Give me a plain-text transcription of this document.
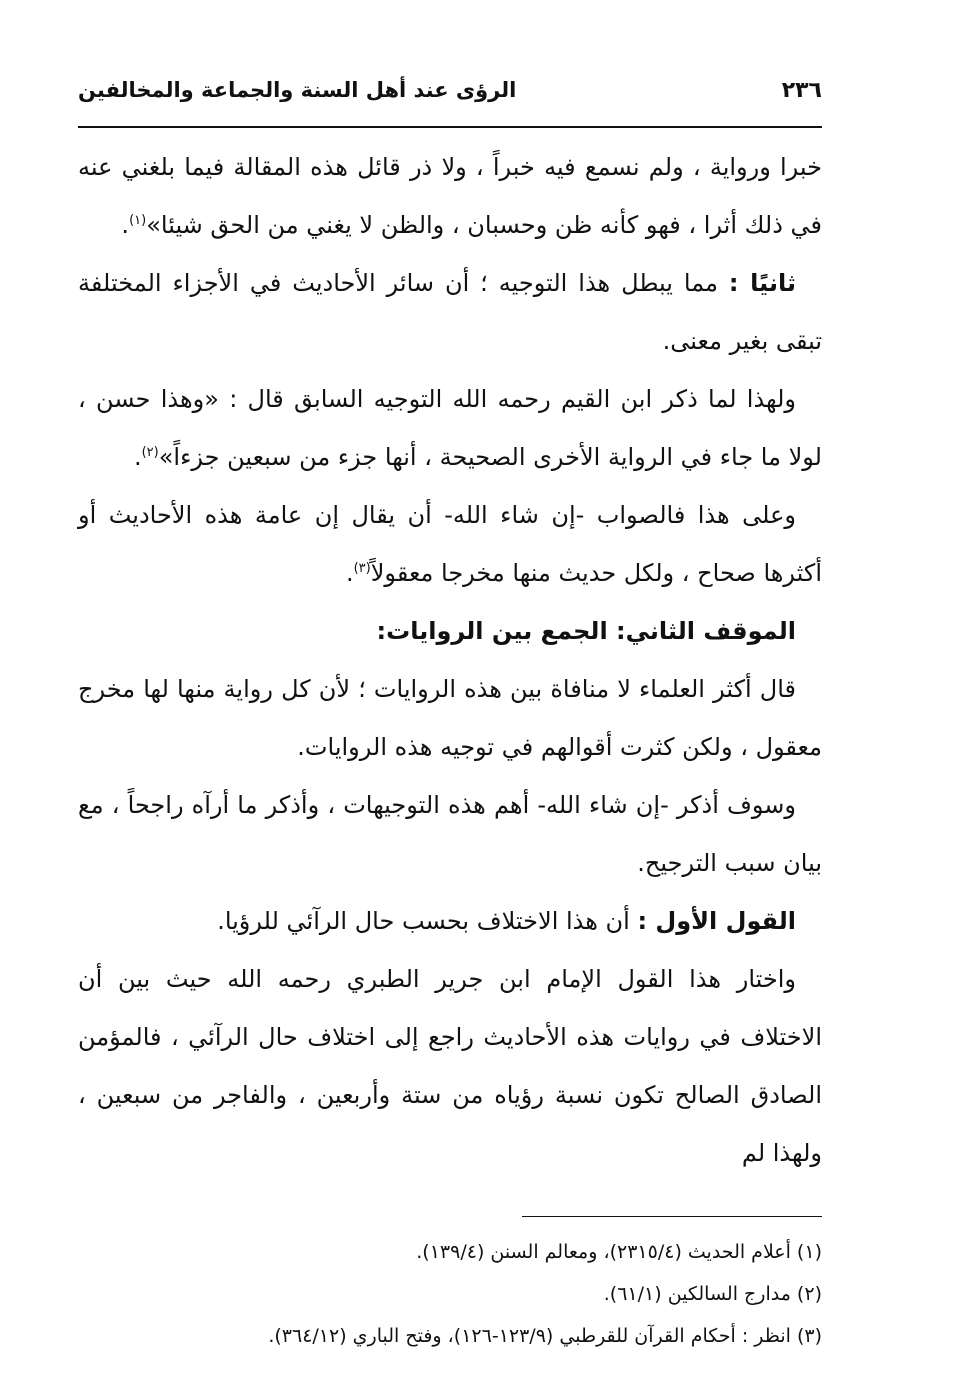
الرؤى عند أهل السنة والجماعة والمخالفين	٢٣٦

خبرا ورواية ، ولم نسمع فيه خبراً ، ولا ذر قائل هذه المقالة فيما بلغني عنه في ذلك أثرا ، فهو كأنه ظن وحسبان ، والظن لا يغني من الحق شيئا»$^{(١)}$.

ثانيًا : مما يبطل هذا التوجيه ؛ أن سائر الأحاديث في الأجزاء المختلفة تبقى بغير معنى.

ولهذا لما ذكر ابن القيم رحمه الله التوجيه السابق قال : «وهذا حسن ، لولا ما جاء في الرواية الأخرى الصحيحة ، أنها جزء من سبعين جزءاً»$^{(٢)}$.

وعلى هذا فالصواب -إن شاء الله- أن يقال إن عامة هذه الأحاديث أو أكثرها صحاح ، ولكل حديث منها مخرجا معقولاً$^{(٣)}$.

الموقف الثاني: الجمع بين الروايات:

قال أكثر العلماء لا منافاة بين هذه الروايات ؛ لأن كل رواية منها لها مخرج معقول ، ولكن كثرت أقوالهم في توجيه هذه الروايات.

وسوف أذكر -إن شاء الله- أهم هذه التوجيهات ، وأذكر ما أرآه راجحاً ، مع بيان سبب الترجيح.

القول الأول : أن هذا الاختلاف بحسب حال الرآئي للرؤيا.

واختار هذا القول الإمام ابن جرير الطبري رحمه الله حيث بين أن الاختلاف في روايات هذه الأحاديث راجع إلى اختلاف حال الرآئي ، فالمؤمن الصادق الصالح تكون نسبة رؤياه من ستة وأربعين ، والفاجر من سبعين ، ولهذا لم

(١) أعلام الحديث (٢٣١٥/٤)، ومعالم السنن (١٣٩/٤).

(٢) مدارج السالكين (٦١/١).

(٣) انظر : أحكام القرآن للقرطبي (١٢٣/٩-١٢٦)، وفتح الباري (٣٦٤/١٢).
